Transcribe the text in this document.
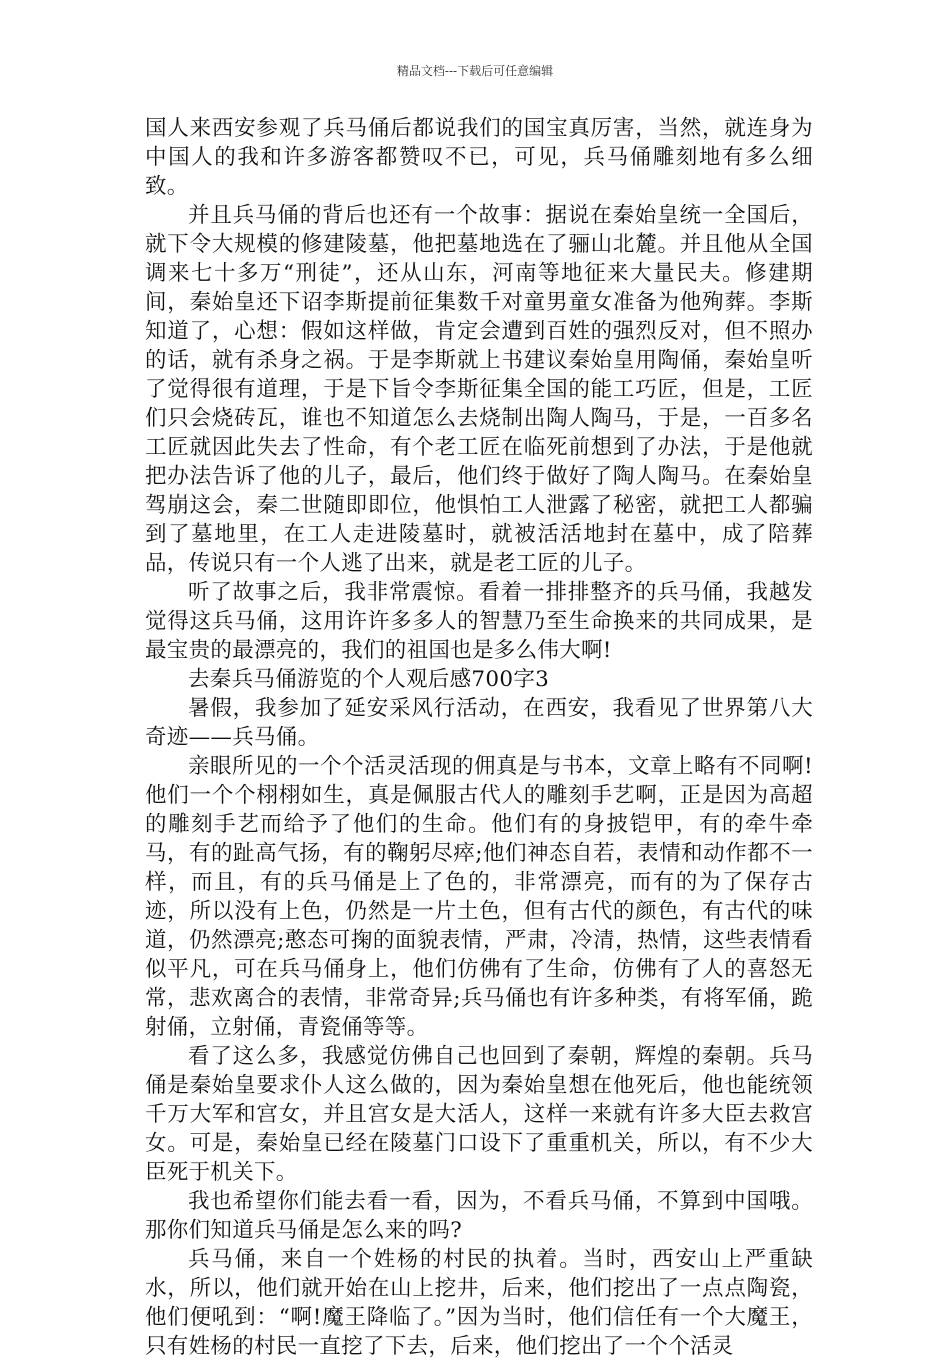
精品文档---下载后可任意编辑

国人来西安参观了兵马俑后都说我们的国宝真厉害，当然，就连身为中国人的我和许多游客都赞叹不已，可见，兵马俑雕刻地有多么细致。

并且兵马俑的背后也还有一个故事：据说在秦始皇统一全国后，就下令大规模的修建陵墓，他把墓地选在了骊山北麓。并且他从全国调来七十多万“刑徒”，还从山东，河南等地征来大量民夫。修建期间，秦始皇还下诏李斯提前征集数千对童男童女准备为他殉葬。李斯知道了，心想：假如这样做，肯定会遭到百姓的强烈反对，但不照办的话，就有杀身之祸。于是李斯就上书建议秦始皇用陶俑，秦始皇听了觉得很有道理，于是下旨令李斯征集全国的能工巧匠，但是，工匠们只会烧砖瓦，谁也不知道怎么去烧制出陶人陶马，于是，一百多名工匠就因此失去了性命，有个老工匠在临死前想到了办法，于是他就把办法告诉了他的儿子，最后，他们终于做好了陶人陶马。在秦始皇驾崩这会，秦二世随即即位，他惧怕工人泄露了秘密，就把工人都骗到了墓地里，在工人走进陵墓时，就被活活地封在墓中，成了陪葬品，传说只有一个人逃了出来，就是老工匠的儿子。

听了故事之后，我非常震惊。看着一排排整齐的兵马俑，我越发觉得这兵马俑，这用许许多多人的智慧乃至生命换来的共同成果，是最宝贵的最漂亮的，我们的祖国也是多么伟大啊!

去秦兵马俑游览的个人观后感700字3

暑假，我参加了延安采风行活动，在西安，我看见了世界第八大奇迹——兵马俑。

亲眼所见的一个个活灵活现的佣真是与书本，文章上略有不同啊!他们一个个栩栩如生，真是佩服古代人的雕刻手艺啊，正是因为高超的雕刻手艺而给予了他们的生命。他们有的身披铠甲，有的牵牛牵马，有的趾高气扬，有的鞠躬尽瘁;他们神态自若，表情和动作都不一样，而且，有的兵马俑是上了色的，非常漂亮，而有的为了保存古迹，所以没有上色，仍然是一片土色，但有古代的颜色，有古代的味道，仍然漂亮;憨态可掬的面貌表情，严肃，冷清，热情，这些表情看似平凡，可在兵马俑身上，他们仿佛有了生命，仿佛有了人的喜怒无常，悲欢离合的表情，非常奇异;兵马俑也有许多种类，有将军俑，跪射俑，立射俑，青瓷俑等等。

看了这么多，我感觉仿佛自己也回到了秦朝，辉煌的秦朝。兵马俑是秦始皇要求仆人这么做的，因为秦始皇想在他死后，他也能统领千万大军和宫女，并且宫女是大活人，这样一来就有许多大臣去救宫女。可是，秦始皇已经在陵墓门口设下了重重机关，所以，有不少大臣死于机关下。

我也希望你们能去看一看，因为，不看兵马俑，不算到中国哦。那你们知道兵马俑是怎么来的吗?

兵马俑，来自一个姓杨的村民的执着。当时，西安山上严重缺水，所以，他们就开始在山上挖井，后来，他们挖出了一点点陶瓷，他们便吼到：“啊!魔王降临了。”因为当时，他们信任有一个大魔王，只有姓杨的村民一直挖了下去，后来，他们挖出了一个个活灵
